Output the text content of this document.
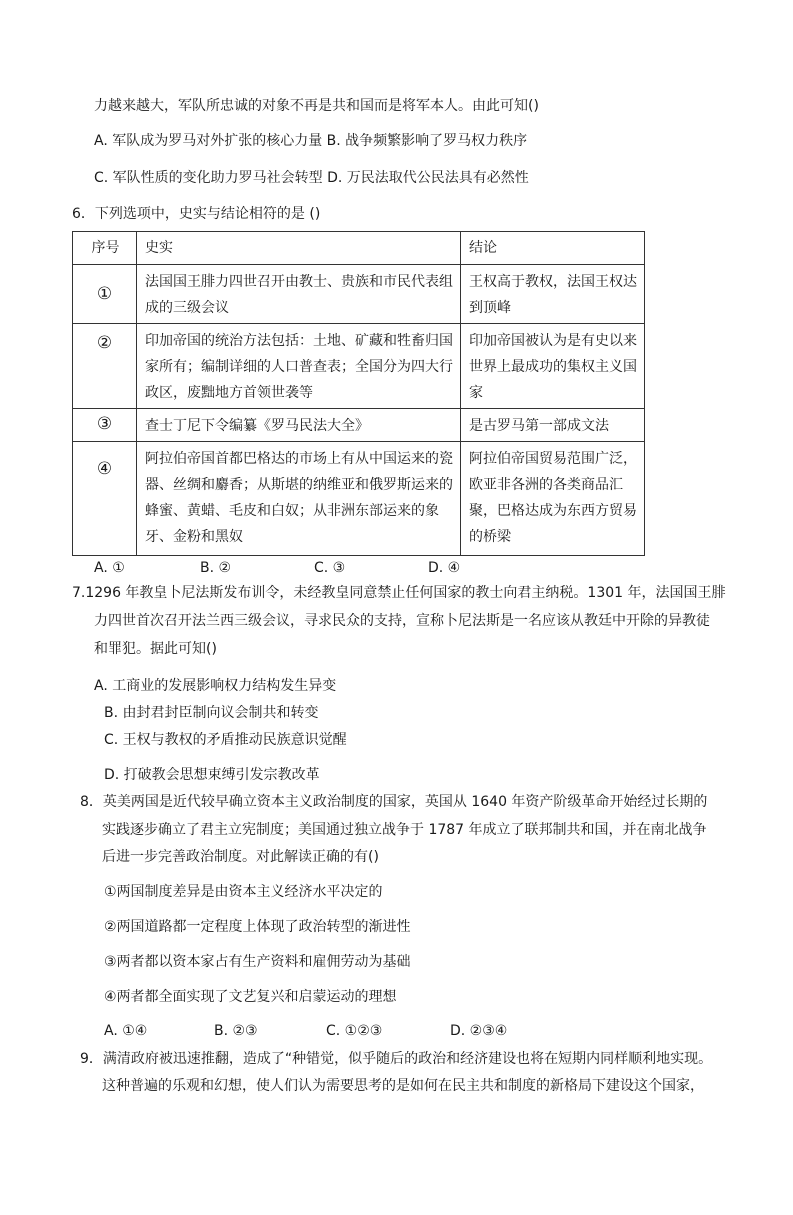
力越来越大，军队所忠诚的对象不再是共和国而是将军本人。由此可知()
A. 军队成为罗马对外扩张的核心力量 B. 战争频繁影响了罗马权力秩序
C. 军队性质的变化助力罗马社会转型 D. 万民法取代公民法具有必然性
6．下列选项中，史实与结论相符的是 ()
序号	史实	结论
①	法国国王腓力四世召开由教士、贵族和市民代表组成的三级会议	王权高于教权，法国王权达到顶峰
②	印加帝国的统治方法包括：土地、矿藏和牲畜归国家所有；编制详细的人口普查表；全国分为四大行政区，废黜地方首领世袭等	印加帝国被认为是有史以来世界上最成功的集权主义国家
③	查士丁尼下令编纂《罗马民法大全》	是古罗马第一部成文法
④	阿拉伯帝国首都巴格达的市场上有从中国运来的瓷器、丝绸和麝香；从斯堪的纳维亚和俄罗斯运来的蜂蜜、黄蜡、毛皮和白奴；从非洲东部运来的象牙、金粉和黑奴	阿拉伯帝国贸易范围广泛，欧亚非各洲的各类商品汇聚，巴格达成为东西方贸易的桥梁
A. ①	B. ②	C. ③	D. ④
7.1296 年教皇卜尼法斯发布训令，未经教皇同意禁止任何国家的教士向君主纳税。1301 年，法国国王腓
力四世首次召开法兰西三级会议，寻求民众的支持，宣称卜尼法斯是一名应该从教廷中开除的异教徒
和罪犯。据此可知()
A. 工商业的发展影响权力结构发生异变
B. 由封君封臣制向议会制共和转变
C. 王权与教权的矛盾推动民族意识觉醒
D. 打破教会思想束缚引发宗教改革
8．英美两国是近代较早确立资本主义政治制度的国家，英国从 1640 年资产阶级革命开始经过长期的
实践逐步确立了君主立宪制度；美国通过独立战争于 1787 年成立了联邦制共和国，并在南北战争
后进一步完善政治制度。对此解读正确的有()
①两国制度差异是由资本主义经济水平决定的
②两国道路都一定程度上体现了政治转型的渐进性
③两者都以资本家占有生产资料和雇佣劳动为基础
④两者都全面实现了文艺复兴和启蒙运动的理想
A. ①④	B. ②③	C. ①②③	D. ②③④
9．满清政府被迅速推翻，造成了“种错觉，似乎随后的政治和经济建设也将在短期内同样顺利地实现。
这种普遍的乐观和幻想，使人们认为需要思考的是如何在民主共和制度的新格局下建设这个国家，
